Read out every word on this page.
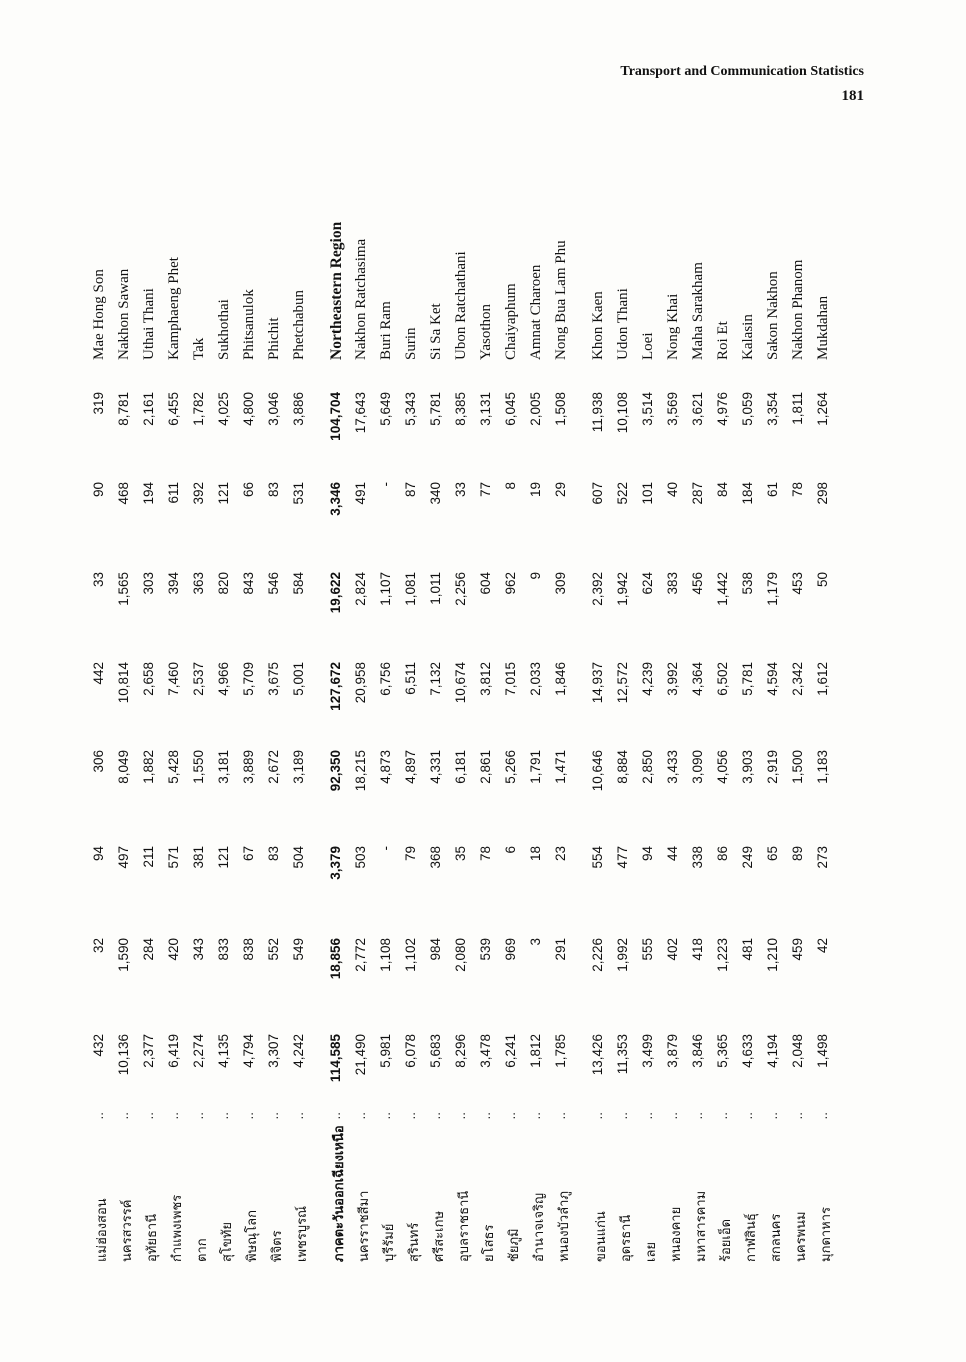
Transport and Communication Statistics
181
.....
แม่ฮ่องสอน
432
32
94
306
442
33
90
319
Mae Hong Son
.....
นครสวรรค์
10,136
1,590
497
8,049
10,814
1,565
468
8,781
Nakhon Sawan
.....
อุทัยธานี
2,377
284
211
1,882
2,658
303
194
2,161
Uthai Thani
.....
กำแพงเพชร
6,419
420
571
5,428
7,460
394
611
6,455
Kamphaeng Phet
.....
ตาก
2,274
343
381
1,550
2,537
363
392
1,782
Tak
.....
สุโขทัย
4,135
833
121
3,181
4,966
820
121
4,025
Sukhothai
.....
พิษณุโลก
4,794
838
67
3,889
5,709
843
66
4,800
Phitsanulok
.....
พิจิตร
3,307
552
83
2,672
3,675
546
83
3,046
Phichit
.....
เพชรบูรณ์
4,242
549
504
3,189
5,001
584
531
3,886
Phetchabun
.....
ภาคตะวันออกเฉียงเหนือ
114,585
18,856
3,379
92,350
127,672
19,622
3,346
104,704
Northeastern Region
.....
นครราชสีมา
21,490
2,772
503
18,215
20,958
2,824
491
17,643
Nakhon Ratchasima
.....
บุรีรัมย์
5,981
1,108
-
4,873
6,756
1,107
-
5,649
Buri Ram
.....
สุรินทร์
6,078
1,102
79
4,897
6,511
1,081
87
5,343
Surin
.....
ศรีสะเกษ
5,683
984
368
4,331
7,132
1,011
340
5,781
Si Sa Ket
.....
อุบลราชธานี
8,296
2,080
35
6,181
10,674
2,256
33
8,385
Ubon Ratchathani
.....
ยโสธร
3,478
539
78
2,861
3,812
604
77
3,131
Yasothon
.....
ชัยภูมิ
6,241
969
6
5,266
7,015
962
8
6,045
Chaiyaphum
.....
อำนาจเจริญ
1,812
3
18
1,791
2,033
9
19
2,005
Amnat Charoen
.....
หนองบัวลำภู
1,785
291
23
1,471
1,846
309
29
1,508
Nong Bua Lam Phu
.....
ขอนแก่น
13,426
2,226
554
10,646
14,937
2,392
607
11,938
Khon Kaen
.....
อุดรธานี
11,353
1,992
477
8,884
12,572
1,942
522
10,108
Udon Thani
.....
เลย
3,499
555
94
2,850
4,239
624
101
3,514
Loei
.....
หนองคาย
3,879
402
44
3,433
3,992
383
40
3,569
Nong Khai
.....
มหาสารคาม
3,846
418
338
3,090
4,364
456
287
3,621
Maha Sarakham
.....
ร้อยเอ็ด
5,365
1,223
86
4,056
6,502
1,442
84
4,976
Roi Et
.....
กาฬสินธุ์
4,633
481
249
3,903
5,781
538
184
5,059
Kalasin
.....
สกลนคร
4,194
1,210
65
2,919
4,594
1,179
61
3,354
Sakon Nakhon
.....
นครพนม
2,048
459
89
1,500
2,342
453
78
1,811
Nakhon Phanom
.....
มุกดาหาร
1,498
42
273
1,183
1,612
50
298
1,264
Mukdahan
